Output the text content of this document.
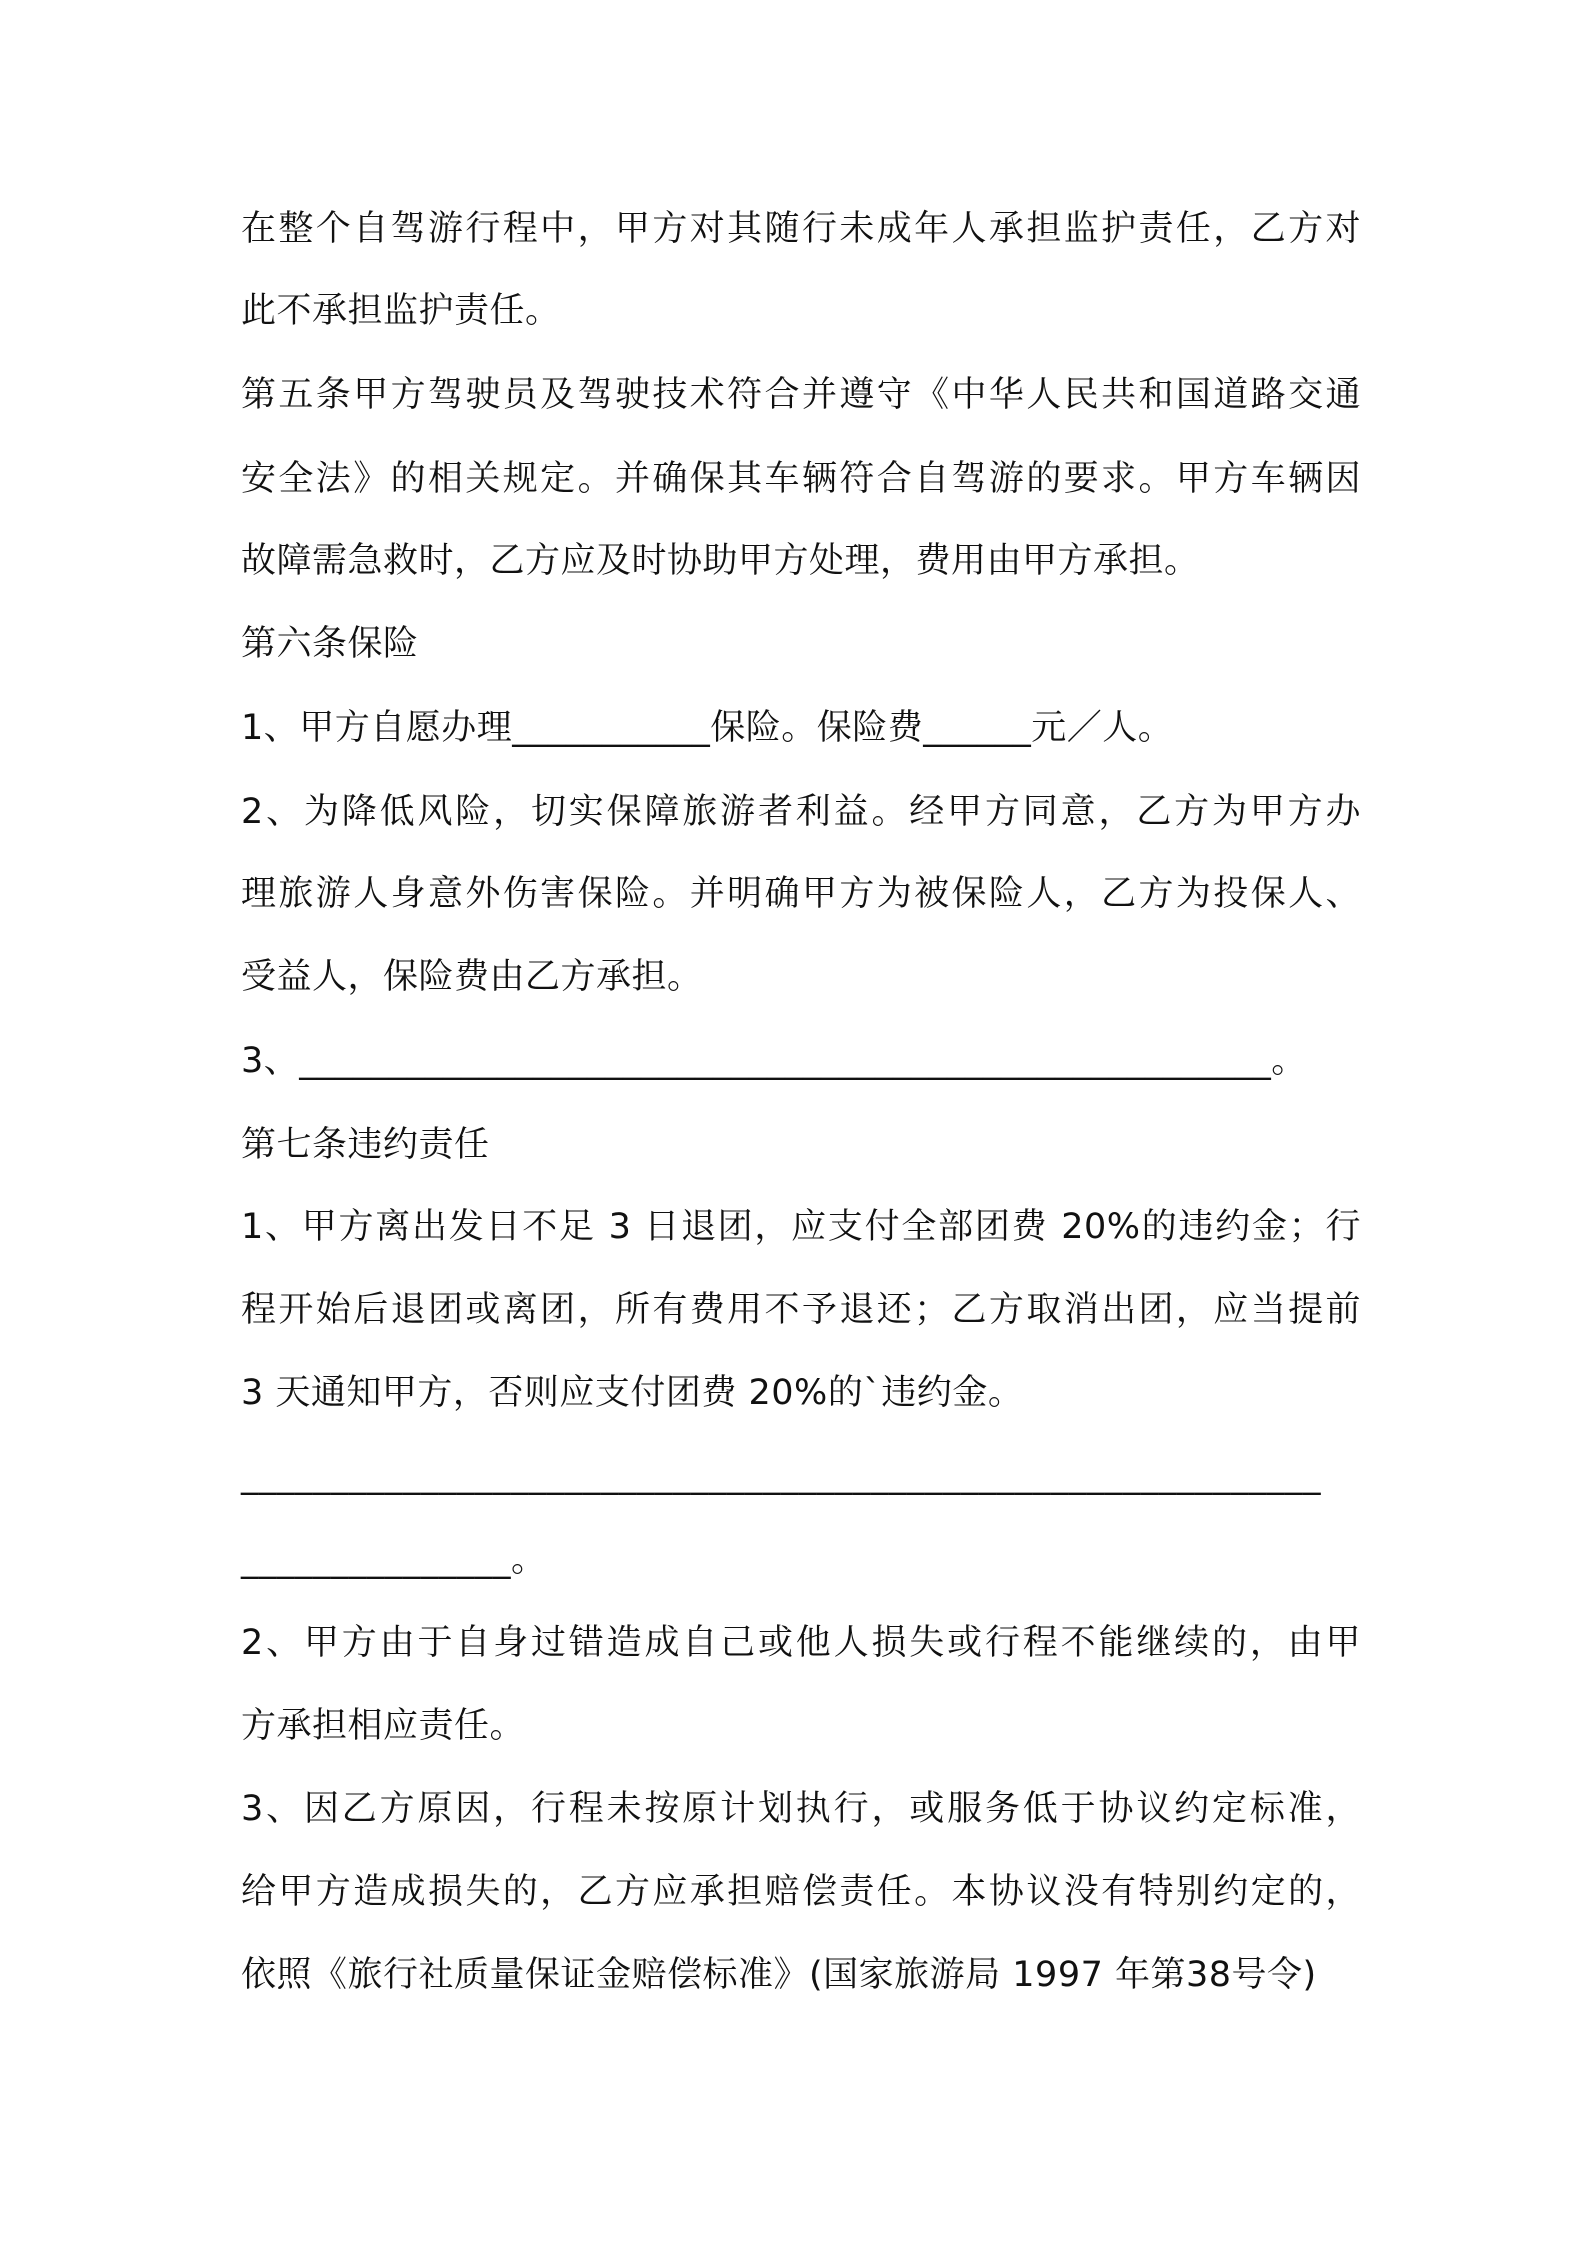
在整个自驾游行程中，甲方对其随行未成年人承担监护责任，乙方对
此不承担监护责任。
第五条甲方驾驶员及驾驶技术符合并遵守《中华人民共和国道路交通
安全法》的相关规定。并确保其车辆符合自驾游的要求。甲方车辆因
故障需急救时，乙方应及时协助甲方处理，费用由甲方承担。
第六条保险
1、甲方自愿办理___________保险。保险费______元／人。
2、为降低风险，切实保障旅游者利益。经甲方同意，乙方为甲方办
理旅游人身意外伤害保险。并明确甲方为被保险人，乙方为投保人、
受益人，保险费由乙方承担。
3、______________________________________________________。
第七条违约责任
1、甲方离出发日不足 3 日退团，应支付全部团费 20%的违约金；行
程开始后退团或离团，所有费用不予退还；乙方取消出团，应当提前
3 天通知甲方，否则应支付团费 20%的`违约金。
____________________________________________________________
_______________。
2、甲方由于自身过错造成自己或他人损失或行程不能继续的，由甲
方承担相应责任。
3、因乙方原因，行程未按原计划执行，或服务低于协议约定标准，
给甲方造成损失的，乙方应承担赔偿责任。本协议没有特别约定的，
依照《旅行社质量保证金赔偿标准》(国家旅游局 1997 年第38号令)
